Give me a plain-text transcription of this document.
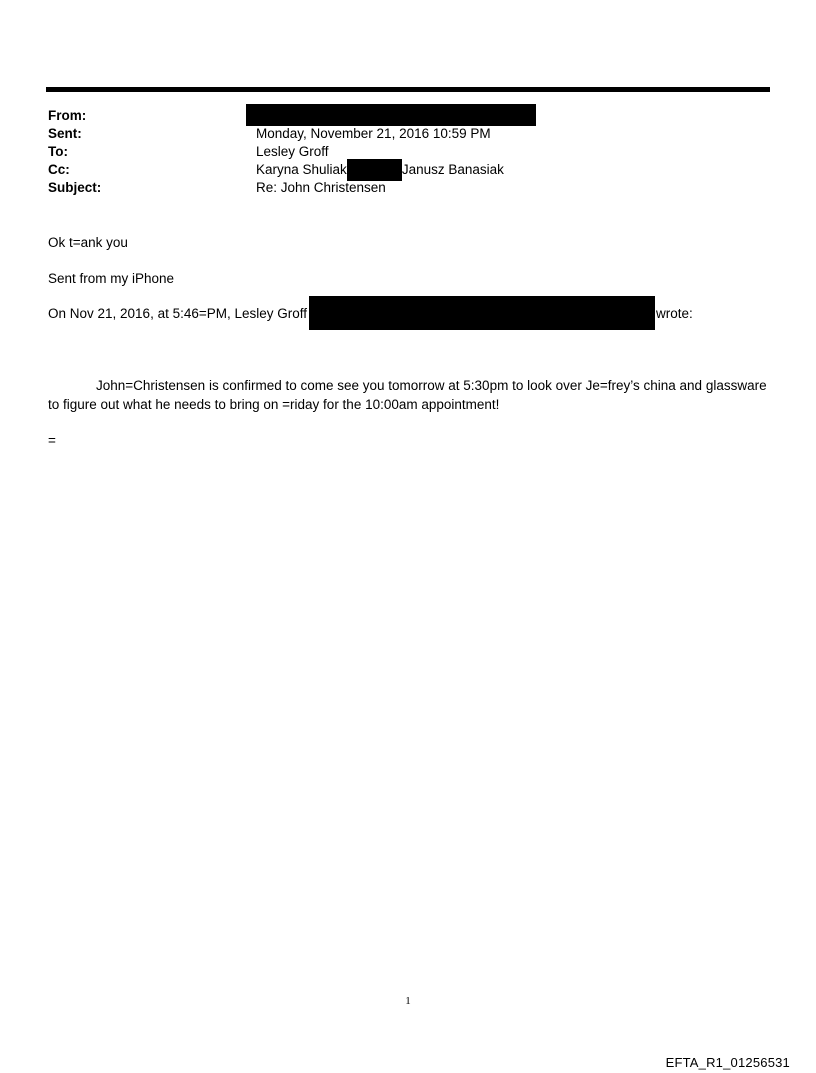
From:
Sent:	Monday, November 21, 2016 10:59 PM
To:	Lesley Groff
Cc:	Karyna Shuliak	Janusz Banasiak
Subject:	Re: John Christensen
Ok t=ank you
Sent from my iPhone
On Nov 21, 2016, at 5:46=PM, Lesley Groff	wrote:
John=Christensen is confirmed to come see you tomorrow at 5:30pm to look over Je=frey’s china and glassware to figure out what he needs to bring on =riday for the 10:00am appointment!
=
1
EFTA_R1_01256531
